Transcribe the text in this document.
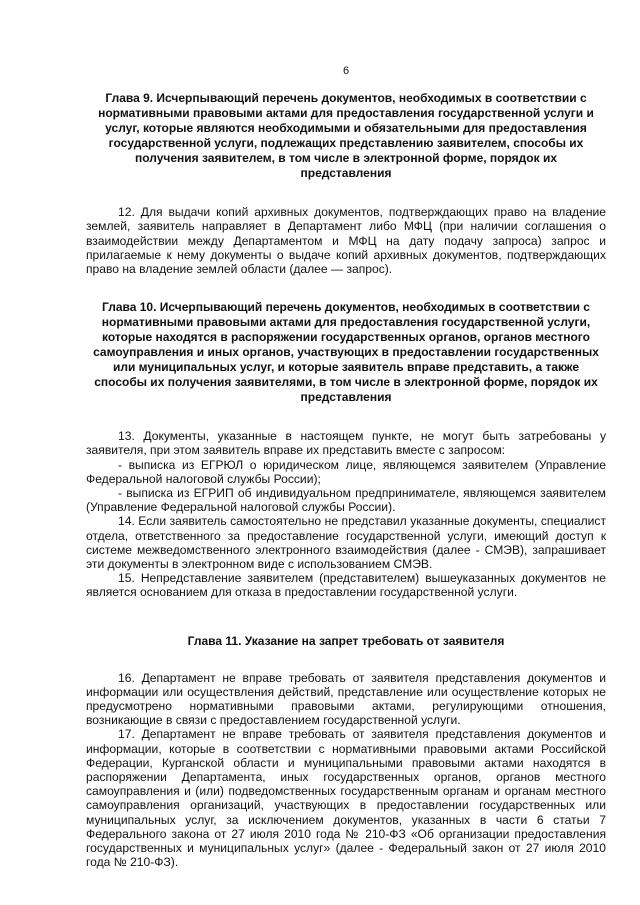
6
Глава 9. Исчерпывающий перечень документов, необходимых в соответствии с нормативными правовыми актами для предоставления государственной услуги и услуг, которые являются необходимыми и обязательными для предоставления государственной услуги, подлежащих представлению заявителем, способы их получения заявителем, в том числе в электронной форме, порядок их представления

12. Для выдачи копий архивных документов, подтверждающих право на владение землей, заявитель направляет в Департамент либо МФЦ (при наличии соглашения о взаимодействии между Департаментом и МФЦ на дату подачу запроса) запрос и прилагаемые к нему документы о выдаче копий архивных документов, подтверждающих право на владение землей области (далее — запрос).

Глава 10. Исчерпывающий перечень документов, необходимых в соответствии с нормативными правовыми актами для предоставления государственной услуги, которые находятся в распоряжении государственных органов, органов местного самоуправления и иных органов, участвующих в предоставлении государственных или муниципальных услуг, и которые заявитель вправе представить, а также способы их получения заявителями, в том числе в электронной форме, порядок их представления

13. Документы, указанные в настоящем пункте, не могут быть затребованы у заявителя, при этом заявитель вправе их представить вместе с запросом:

- выписка из ЕГРЮЛ о юридическом лице, являющемся заявителем (Управление Федеральной налоговой службы России);

- выписка из ЕГРИП об индивидуальном предпринимателе, являющемся заявителем (Управление Федеральной налоговой службы России).

14. Если заявитель самостоятельно не представил указанные документы, специалист отдела, ответственного за предоставление государственной услуги, имеющий доступ к системе межведомственного электронного взаимодействия (далее - СМЭВ), запрашивает эти документы в электронном виде с использованием СМЭВ.

15. Непредставление заявителем (представителем) вышеуказанных документов не является основанием для отказа в предоставлении государственной услуги.

Глава 11. Указание на запрет требовать от заявителя

16. Департамент не вправе требовать от заявителя представления документов и информации или осуществления действий, представление или осуществление которых не предусмотрено нормативными правовыми актами, регулирующими отношения, возникающие в связи с предоставлением государственной услуги.

17. Департамент не вправе требовать от заявителя представления документов и информации, которые в соответствии с нормативными правовыми актами Российской Федерации, Курганской области и муниципальными правовыми актами находятся в распоряжении Департамента, иных государственных органов, органов местного самоуправления и (или) подведомственных государственным органам и органам местного самоуправления организаций, участвующих в предоставлении государственных или муниципальных услуг, за исключением документов, указанных в части 6 статьи 7 Федерального закона от 27 июля 2010 года № 210-ФЗ «Об организации предоставления государственных и муниципальных услуг» (далее - Федеральный закон от 27 июля 2010 года № 210-ФЗ).
